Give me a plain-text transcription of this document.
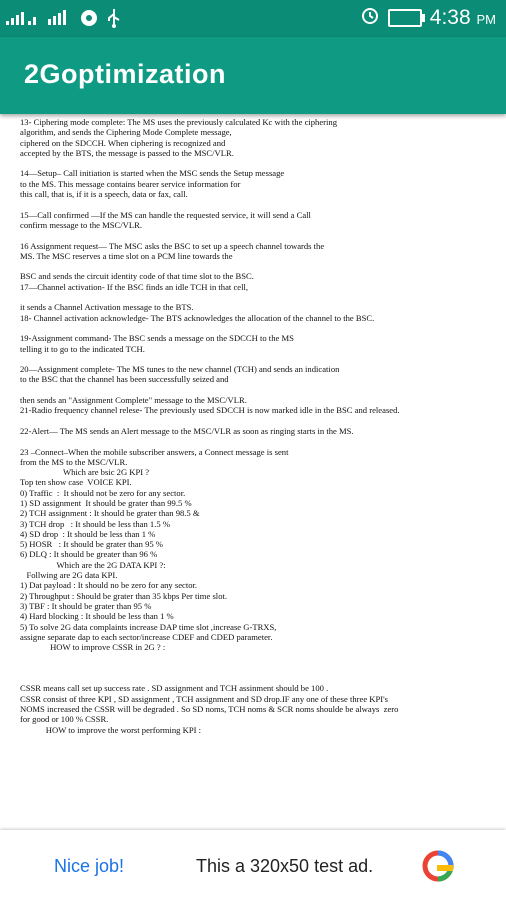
4:38 PM
2Goptimization

13- Ciphering mode complete: The MS uses the previously calculated Kc with the ciphering

algorithm, and sends the Ciphering Mode Complete message,

ciphered on the SDCCH. When ciphering is recognized and

accepted by the BTS, the message is passed to the MSC/VLR.

14—Setup– Call initiation is started when the MSC sends the Setup message

to the MS. This message contains bearer service information for

this call, that is, if it is a speech, data or fax, call.

15—Call confirmed —If the MS can handle the requested service, it will send a Call

confirm message to the MSC/VLR.

16 Assignment request— The MSC asks the BSC to set up a speech channel towards the

MS. The MSC reserves a time slot on a PCM line towards the

BSC and sends the circuit identity code of that time slot to the BSC.

17—Channel activation- If the BSC finds an idle TCH in that cell,

it sends a Channel Activation message to the BTS.

18- Channel activation acknowledge- The BTS acknowledges the allocation of the channel to the BSC.

19-Assignment command- The BSC sends a message on the SDCCH to the MS

telling it to go to the indicated TCH.

20—Assignment complete- The MS tunes to the new channel (TCH) and sends an indication

to the BSC that the channel has been successfully seized and

then sends an "Assignment Complete" message to the MSC/VLR.

21-Radio frequency channel relese- The previously used SDCCH is now marked idle in the BSC and released.

22-Alert— The MS sends an Alert message to the MSC/VLR as soon as ringing starts in the MS.

23 –Connect–When the mobile subscriber answers, a Connect message is sent

from the MS to the MSC/VLR.

Which are bsic 2G KPI ?

Top ten show case  VOICE KPI.

0) Traffic  :  It should not be zero for any sector.

1) SD assignment  It should be grater than 99.5 %

2) TCH assignment : It should be grater than 98.5 &

3) TCH drop   : It should be less than 1.5 %

4) SD drop  : It should be less than 1 %

5) HOSR   : It should be grater than 95 %

6) DLQ : It should be greater than 96 %

Which are the 2G DATA KPI ?:

Follwing are 2G data KPI.

1) Dat payload : It should no be zero for any sector.

2) Throughput : Should be grater than 35 kbps Per time slot.

3) TBF : It should be grater than 95 %

4) Hard blocking : It should be less than 1 %

5) To solve 2G data complaints increase DAP time slot ,increase G-TRXS,

assigne separate dap to each sector/increase CDEF and CDED parameter.

HOW to improve CSSR in 2G ? :

CSSR means call set up success rate . SD assignment and TCH assinment should be 100 .

CSSR consist of three KPI , SD assignment , TCH assignment and SD drop.IF any one of these three KPI's

NOMS increased the CSSR will be degraded . So SD noms, TCH noms & SCR noms shoulde be always  zero

for good or 100 % CSSR.

HOW to improve the worst performing KPI :

Nice job!	This a 320x50 test ad.
